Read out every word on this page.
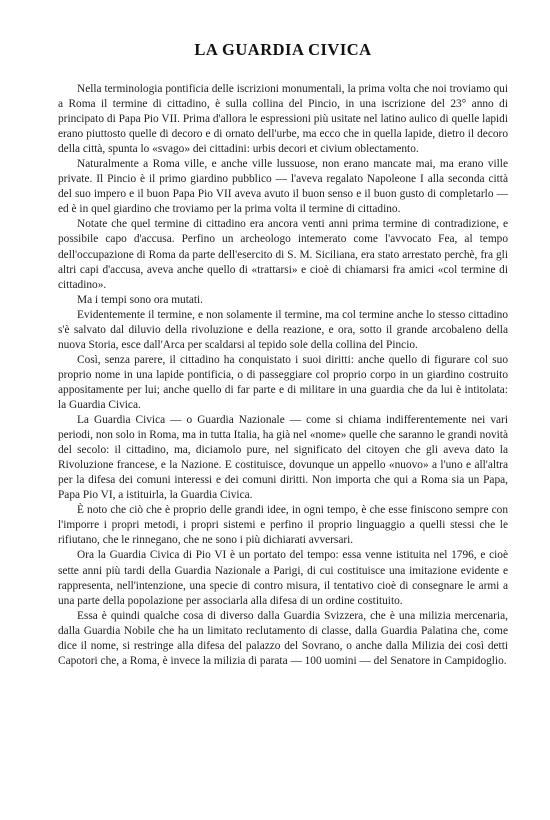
LA GUARDIA CIVICA

Nella terminologia pontificia delle iscrizioni monumentali, la prima volta che noi troviamo qui a Roma il termine di cittadino, è sulla collina del Pincio, in una iscrizione del 23° anno di principato di Papa Pio VII. Prima d'allora le espressioni più usitate nel latino aulico di quelle lapidi erano piuttosto quelle di decoro e di ornato dell'urbe, ma ecco che in quella lapide, dietro il decoro della città, spunta lo «svago» dei cittadini: urbis decori et civium oblectamento.

Naturalmente a Roma ville, e anche ville lussuose, non erano mancate mai, ma erano ville private. Il Pincio è il primo giardino pubblico — l'aveva regalato Napoleone I alla seconda città del suo impero e il buon Papa Pio VII aveva avuto il buon senso e il buon gusto di completarlo — ed è in quel giardino che troviamo per la prima volta il termine di cittadino.

Notate che quel termine di cittadino era ancora venti anni prima termine di contradizione, e possibile capo d'accusa. Perfino un archeologo intemerato come l'avvocato Fea, al tempo dell'occupazione di Roma da parte dell'esercito di S. M. Siciliana, era stato arrestato perchè, fra gli altri capi d'accusa, aveva anche quello di «trattarsi» e cioè di chiamarsi fra amici «col termine di cittadino».

Ma i tempi sono ora mutati.

Evidentemente il termine, e non solamente il termine, ma col termine anche lo stesso cittadino s'è salvato dal diluvio della rivoluzione e della reazione, e ora, sotto il grande arcobaleno della nuova Storia, esce dall'Arca per scaldarsi al tepido sole della collina del Pincio.

Così, senza parere, il cittadino ha conquistato i suoi diritti: anche quello di figurare col suo proprio nome in una lapide pontificia, o di passeggiare col proprio corpo in un giardino costruito appositamente per lui; anche quello di far parte e di militare in una guardia che da lui è intitolata: la Guardia Civica.

La Guardia Civica — o Guardia Nazionale — come si chiama indifferentemente nei vari periodi, non solo in Roma, ma in tutta Italia, ha già nel «nome» quelle che saranno le grandi novità del secolo: il cittadino, ma, diciamolo pure, nel significato del citoyen che gli aveva dato la Rivoluzione francese, e la Nazione. E costituisce, dovunque un appello «nuovo» a l'uno e all'altra per la difesa dei comuni interessi e dei comuni diritti. Non importa che qui a Roma sia un Papa, Papa Pio VI, a istituirla, la Guardia Civica.

È noto che ciò che è proprio delle grandi idee, in ogni tempo, è che esse finiscono sempre con l'imporre i propri metodi, i propri sistemi e perfino il proprio linguaggio a quelli stessi che le rifiutano, che le rinnegano, che ne sono i più dichiarati avversari.

Ora la Guardia Civica di Pio VI è un portato del tempo: essa venne istituita nel 1796, e cioè sette anni più tardi della Guardia Nazionale a Parigi, di cui costituisce una imitazione evidente e rappresenta, nell'intenzione, una specie di contro misura, il tentativo cioè di consegnare le armi a una parte della popolazione per associarla alla difesa di un ordine costituito.

Essa è quindi qualche cosa di diverso dalla Guardia Svizzera, che è una milizia mercenaria, dalla Guardia Nobile che ha un limitato reclutamento di classe, dalla Guardia Palatina che, come dice il nome, si restringe alla difesa del palazzo del Sovrano, o anche dalla Milizia dei così detti Capotori che, a Roma, è invece la milizia di parata — 100 uomini — del Senatore in Campidoglio.
